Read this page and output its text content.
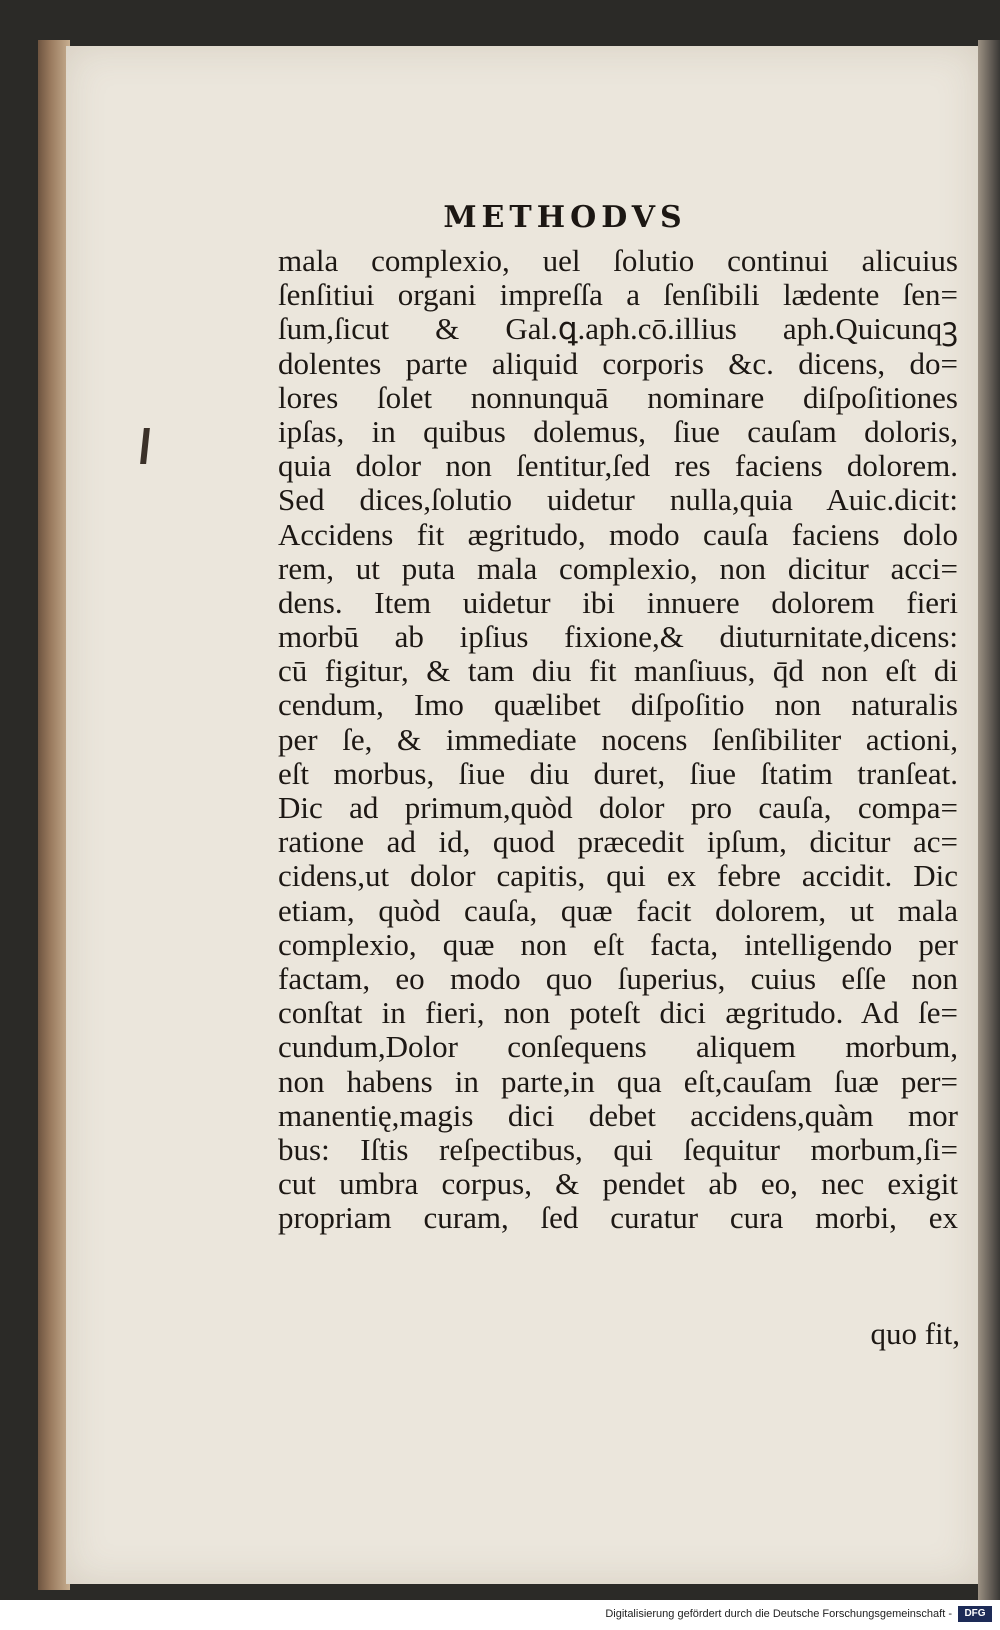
METHODVS
mala complexio, uel ſolutio continui alicuius
ſenſitiui organi impreſſa a ſenſibili lædente ſen=
ſum,ſicut & Gal.ꝗ.aph.cō.illius aph.Quicunqꝫ
dolentes parte aliquid corporis &c. dicens, do=
lores ſolet nonnunquā nominare diſpoſitiones
ipſas, in quibus dolemus, ſiue cauſam doloris,
quia dolor non ſentitur,ſed res faciens dolorem.
Sed dices,ſolutio uidetur nulla,quia Auic.dicit:
Accidens fit ægritudo, modo cauſa faciens dolo
rem, ut puta mala complexio, non dicitur acci=
dens. Item uidetur ibi innuere dolorem fieri
morbū ab ipſius fixione,& diuturnitate,dicens:
cū figitur, & tam diu fit manſiuus, q̄d non eſt di
cendum, Imo quælibet diſpoſitio non naturalis
per ſe, & immediate nocens ſenſibiliter actioni,
eſt morbus, ſiue diu duret, ſiue ſtatim tranſeat.
Dic ad primum,quòd dolor pro cauſa, compa=
ratione ad id, quod præcedit ipſum, dicitur ac=
cidens,ut dolor capitis, qui ex febre accidit. Dic
etiam, quòd cauſa, quæ facit dolorem, ut mala
complexio, quæ non eſt facta, intelligendo per
factam, eo modo quo ſuperius, cuius eſſe non
conſtat in fieri, non poteſt dici ægritudo. Ad ſe=
cundum,Dolor conſequens aliquem morbum,
non habens in parte,in qua eſt,cauſam ſuæ per=
manentię,magis dici debet accidens,quàm mor
bus: Iſtis reſpectibus, qui ſequitur morbum,ſi=
cut umbra corpus, & pendet ab eo, nec exigit
propriam curam, ſed curatur cura morbi, ex
quo fit,
Digitalisierung gefördert durch die Deutsche Forschungsgemeinschaft -	DFG
